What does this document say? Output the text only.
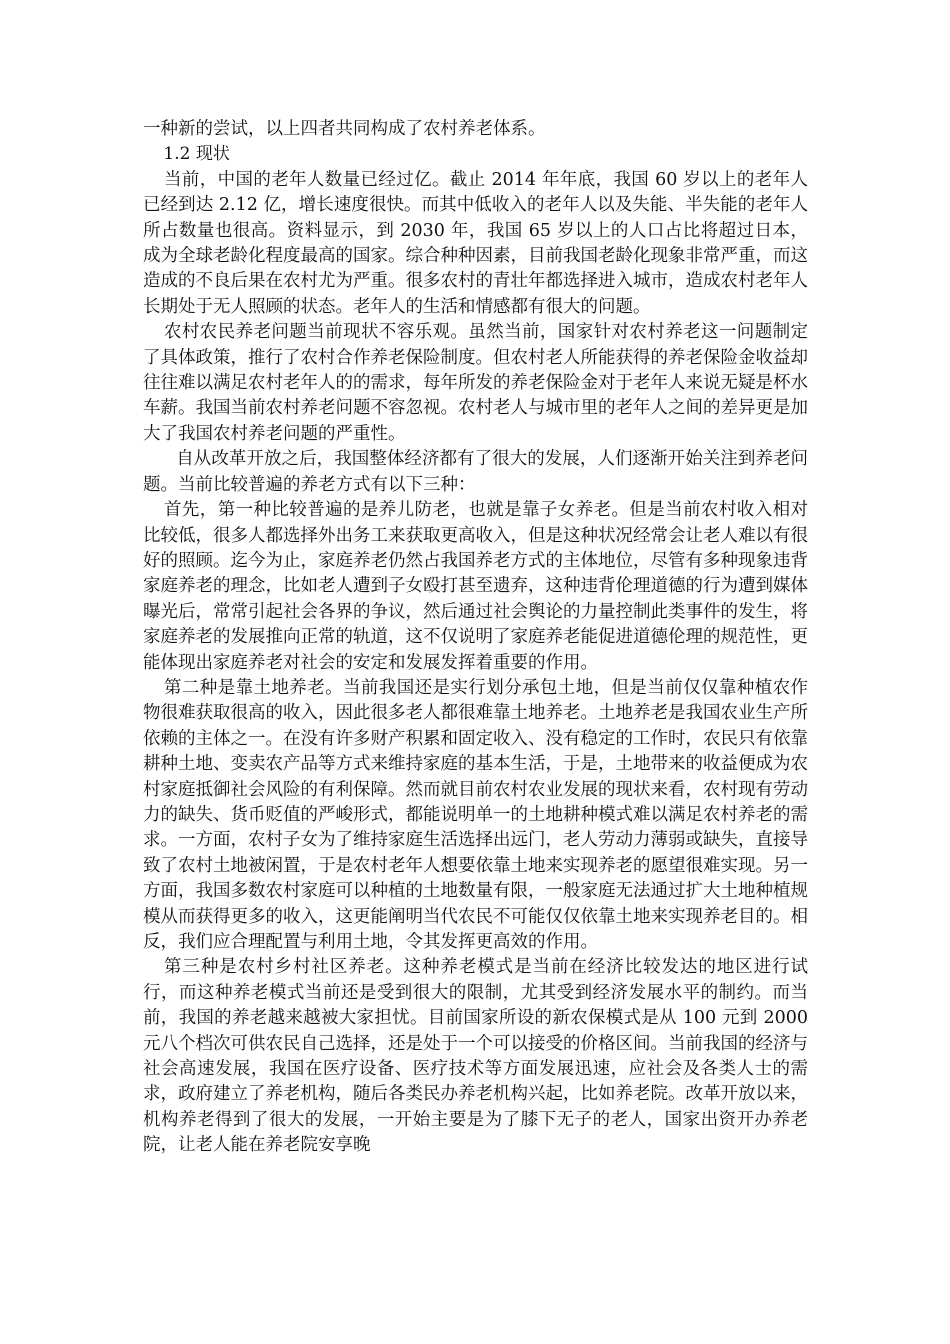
一种新的尝试，以上四者共同构成了农村养老体系。

1.2 现状

当前，中国的老年人数量已经过亿。截止 2014 年年底，我国 60 岁以上的老年人已经到达 2.12 亿，增长速度很快。而其中低收入的老年人以及失能、半失能的老年人所占数量也很高。资料显示，到 2030 年，我国 65 岁以上的人口占比将超过日本，成为全球老龄化程度最高的国家。综合种种因素，目前我国老龄化现象非常严重，而这造成的不良后果在农村尤为严重。很多农村的青壮年都选择进入城市，造成农村老年人长期处于无人照顾的状态。老年人的生活和情感都有很大的问题。

农村农民养老问题当前现状不容乐观。虽然当前，国家针对农村养老这一问题制定了具体政策，推行了农村合作养老保险制度。但农村老人所能获得的养老保险金收益却往往难以满足农村老年人的的需求，每年所发的养老保险金对于老年人来说无疑是杯水车薪。我国当前农村养老问题不容忽视。农村老人与城市里的老年人之间的差异更是加大了我国农村养老问题的严重性。

自从改革开放之后，我国整体经济都有了很大的发展，人们逐渐开始关注到养老问题。当前比较普遍的养老方式有以下三种：

首先，第一种比较普遍的是养儿防老，也就是靠子女养老。但是当前农村收入相对比较低，很多人都选择外出务工来获取更高收入，但是这种状况经常会让老人难以有很好的照顾。迄今为止，家庭养老仍然占我国养老方式的主体地位，尽管有多种现象违背家庭养老的理念，比如老人遭到子女殴打甚至遗弃，这种违背伦理道德的行为遭到媒体曝光后，常常引起社会各界的争议，然后通过社会舆论的力量控制此类事件的发生，将家庭养老的发展推向正常的轨道，这不仅说明了家庭养老能促进道德伦理的规范性，更能体现出家庭养老对社会的安定和发展发挥着重要的作用。

第二种是靠土地养老。当前我国还是实行划分承包土地，但是当前仅仅靠种植农作物很难获取很高的收入，因此很多老人都很难靠土地养老。土地养老是我国农业生产所依赖的主体之一。在没有许多财产积累和固定收入、没有稳定的工作时，农民只有依靠耕种土地、变卖农产品等方式来维持家庭的基本生活，于是，土地带来的收益便成为农村家庭抵御社会风险的有利保障。然而就目前农村农业发展的现状来看，农村现有劳动力的缺失、货币贬值的严峻形式，都能说明单一的土地耕种模式难以满足农村养老的需求。一方面，农村子女为了维持家庭生活选择出远门，老人劳动力薄弱或缺失，直接导致了农村土地被闲置，于是农村老年人想要依靠土地来实现养老的愿望很难实现。另一方面，我国多数农村家庭可以种植的土地数量有限，一般家庭无法通过扩大土地种植规模从而获得更多的收入，这更能阐明当代农民不可能仅仅依靠土地来实现养老目的。相反，我们应合理配置与利用土地，令其发挥更高效的作用。

第三种是农村乡村社区养老。这种养老模式是当前在经济比较发达的地区进行试行，而这种养老模式当前还是受到很大的限制，尤其受到经济发展水平的制约。而当前，我国的养老越来越被大家担忧。目前国家所设的新农保模式是从 100 元到 2000 元八个档次可供农民自己选择，还是处于一个可以接受的价格区间。当前我国的经济与社会高速发展，我国在医疗设备、医疗技术等方面发展迅速，应社会及各类人士的需求，政府建立了养老机构，随后各类民办养老机构兴起，比如养老院。改革开放以来，机构养老得到了很大的发展，一开始主要是为了膝下无子的老人，国家出资开办养老院，让老人能在养老院安享晚
